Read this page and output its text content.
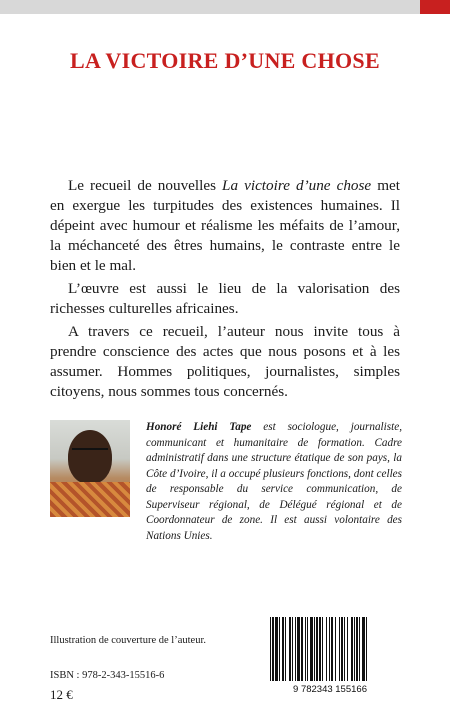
LA VICTOIRE D’UNE CHOSE

Le recueil de nouvelles La victoire d’une chose met en exergue les turpitudes des existences humaines. Il dépeint avec humour et réalisme les méfaits de l’amour, la méchanceté des êtres humains, le contraste entre le bien et le mal.

L’œuvre est aussi le lieu de la valorisation des richesses culturelles africaines.

A travers ce recueil, l’auteur nous invite tous à prendre conscience des actes que nous posons et à les assumer. Hommes politiques, journalistes, simples citoyens, nous sommes tous concernés.

Honoré Liehi Tape est sociologue, journaliste, communicant et humanitaire de formation. Cadre administratif dans une structure étatique de son pays, la Côte d’Ivoire, il a occupé plusieurs fonctions, dont celles de responsable du service communication, de Superviseur régional, de Délégué régional et de Coordonnateur de zone. Il est aussi volontaire des Nations Unies.
Illustration de couverture de l’auteur.
ISBN : 978-2-343-15516-6
12 €	9 782343 155166
